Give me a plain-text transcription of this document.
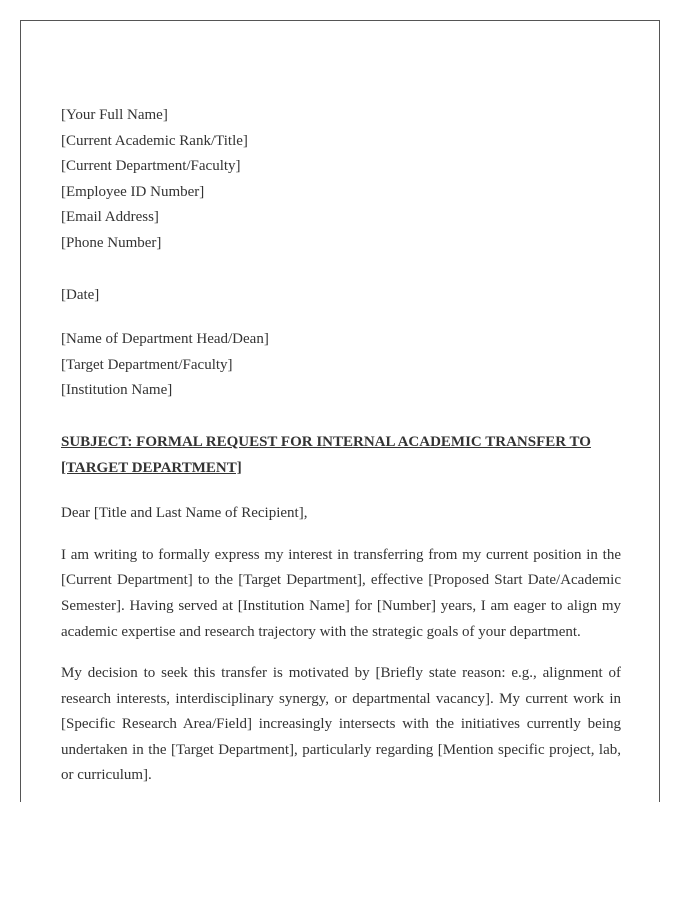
[Your Full Name]
[Current Academic Rank/Title]
[Current Department/Faculty]
[Employee ID Number]
[Email Address]
[Phone Number]
[Date]
[Name of Department Head/Dean]
[Target Department/Faculty]
[Institution Name]
SUBJECT: FORMAL REQUEST FOR INTERNAL ACADEMIC TRANSFER TO [TARGET DEPARTMENT]
Dear [Title and Last Name of Recipient],

I am writing to formally express my interest in transferring from my current position in the [Current Department] to the [Target Department], effective [Proposed Start Date/Academic Semester]. Having served at [Institution Name] for [Number] years, I am eager to align my academic expertise and research trajectory with the strategic goals of your department.

My decision to seek this transfer is motivated by [Briefly state reason: e.g., alignment of research interests, interdisciplinary synergy, or departmental vacancy]. My current work in [Specific Research Area/Field] increasingly intersects with the initiatives currently being undertaken in the [Target Department], particularly regarding [Mention specific project, lab, or curriculum].
